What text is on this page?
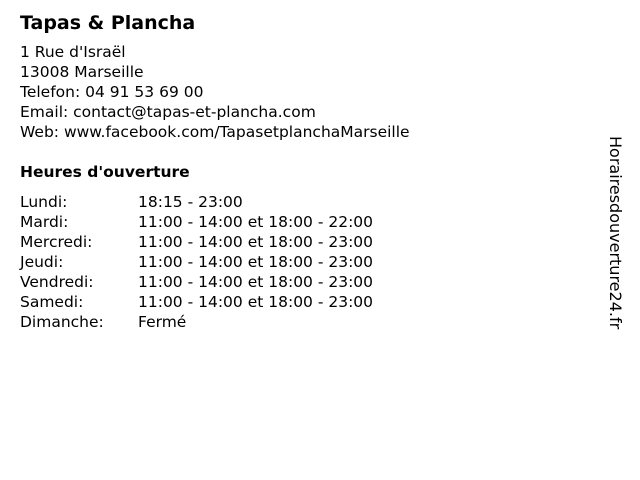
Tapas & Plancha
1 Rue d'Israël
13008 Marseille
Telefon: 04 91 53 69 00
Email: contact@tapas-et-plancha.com
Web: www.facebook.com/TapasetplanchaMarseille
Heures d'ouverture
Lundi:	18:15 - 23:00
Mardi:	11:00 - 14:00 et 18:00 - 22:00
Mercredi:	11:00 - 14:00 et 18:00 - 23:00
Jeudi:	11:00 - 14:00 et 18:00 - 23:00
Vendredi:	11:00 - 14:00 et 18:00 - 23:00
Samedi:	11:00 - 14:00 et 18:00 - 23:00
Dimanche:	Fermé	Horairesdouverture24.fr
